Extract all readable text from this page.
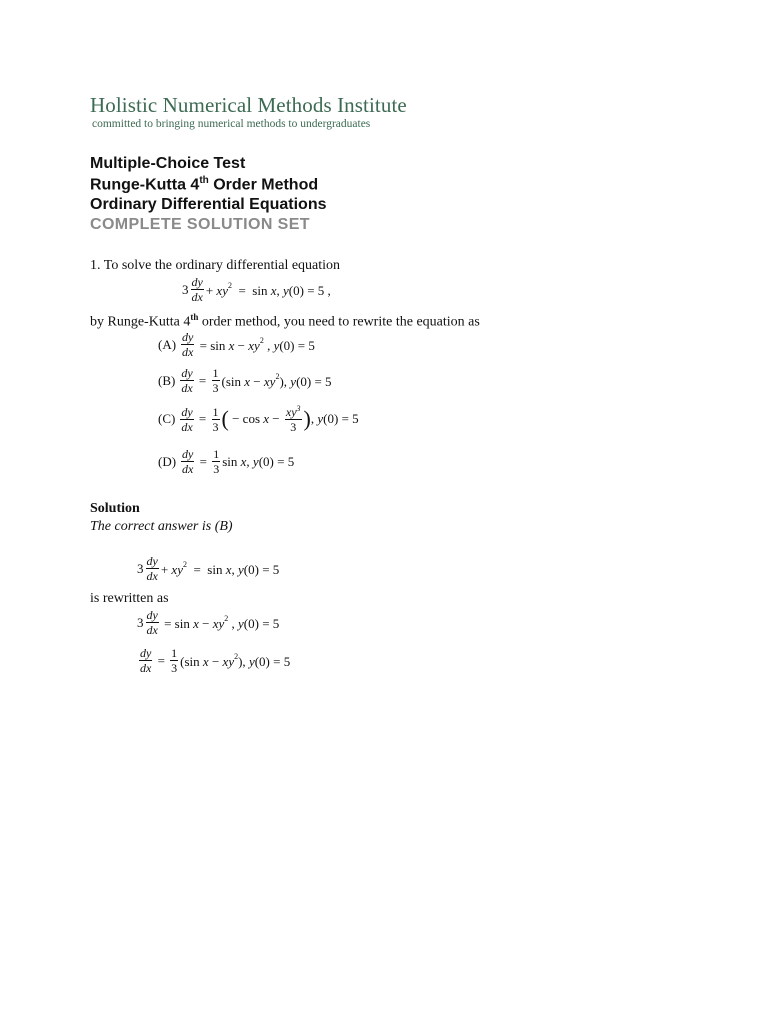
Holistic Numerical Methods Institute
committed to bringing numerical methods to undergraduates
Multiple-Choice Test
Runge-Kutta 4th Order Method
Ordinary Differential Equations
COMPLETE SOLUTION SET
1. To solve the ordinary differential equation
$3 \frac{dy}{dx} + xy^2 = \sin x$, y(0) = 5 ,
by Runge-Kutta 4th order method, you need to rewrite the equation as
$(A) \frac{dy}{dx} = \sin x - xy^2$ , y(0) = 5
$(B) \frac{dy}{dx} = \frac{1}{3} (\sin$ $x - xy^2$), y(0) = 5
$(C) \frac{dy}{dx} = \frac{1}{3}$ ( − $\cos x - \frac{xy^3}{3}$ ) , y(0) = 5
$(D) \frac{dy}{dx} = \frac{1}{3}$ sin x, y(0) = 5
Solution
The correct answer is (B)
$3 \frac{dy}{dx} + xy^2 = \sin x$, y(0) = 5
is rewritten as
$3 \frac{dy}{dx} = \sin x - xy^2$ , y(0) = 5
$\frac{dy}{dx} = \frac{1}{3} (\sin$ $x - xy^2$), y(0) = 5
